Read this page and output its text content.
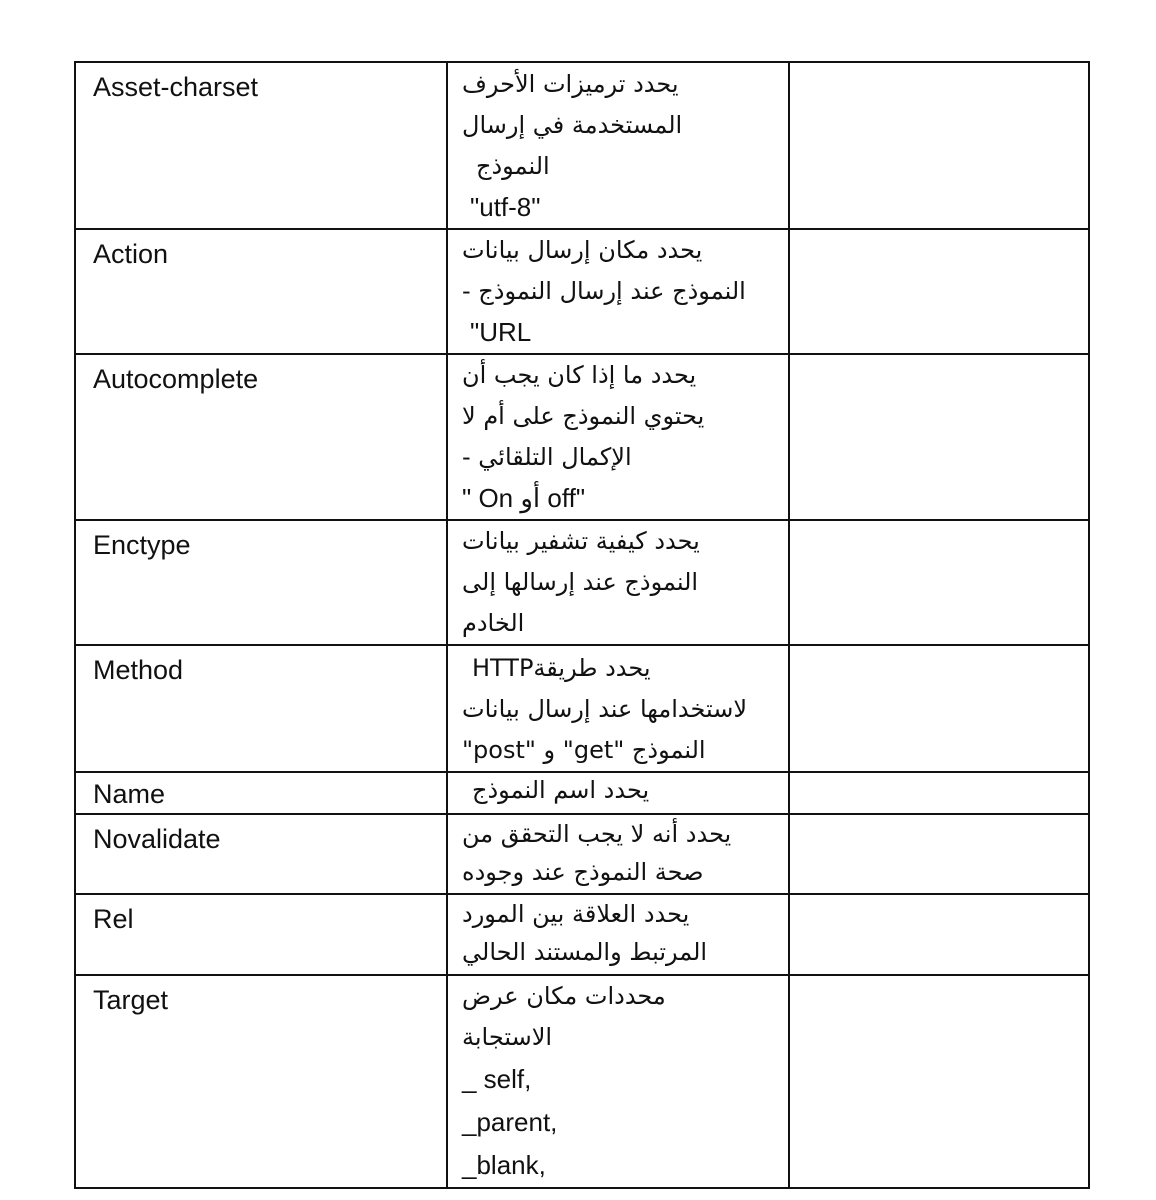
Asset-charset	يحدد ترميزات الأحرف
المستخدمة في إرسال
النموذج
"utf-8"	

Action	يحدد مكان إرسال بيانات
النموذج عند إرسال النموذج -
"URL	

Autocomplete	يحدد ما إذا كان يجب أن
يحتوي النموذج على أم لا
الإكمال التلقائي -
" On أو off"	

Enctype	يحدد كيفية تشفير بيانات
النموذج عند إرسالها إلى
الخادم	

Method	HTTPيحدد طريقة
لاستخدامها عند إرسال بيانات
النموذج "get" و "post"	

Name	يحدد اسم النموذج	

Novalidate	يحدد أنه لا يجب التحقق من
صحة النموذج عند وجوده	

Rel	يحدد العلاقة بين المورد
المرتبط والمستند الحالي	

Target	محددات مكان عرض
الاستجابة
_ self,
_parent,
_blank,	
